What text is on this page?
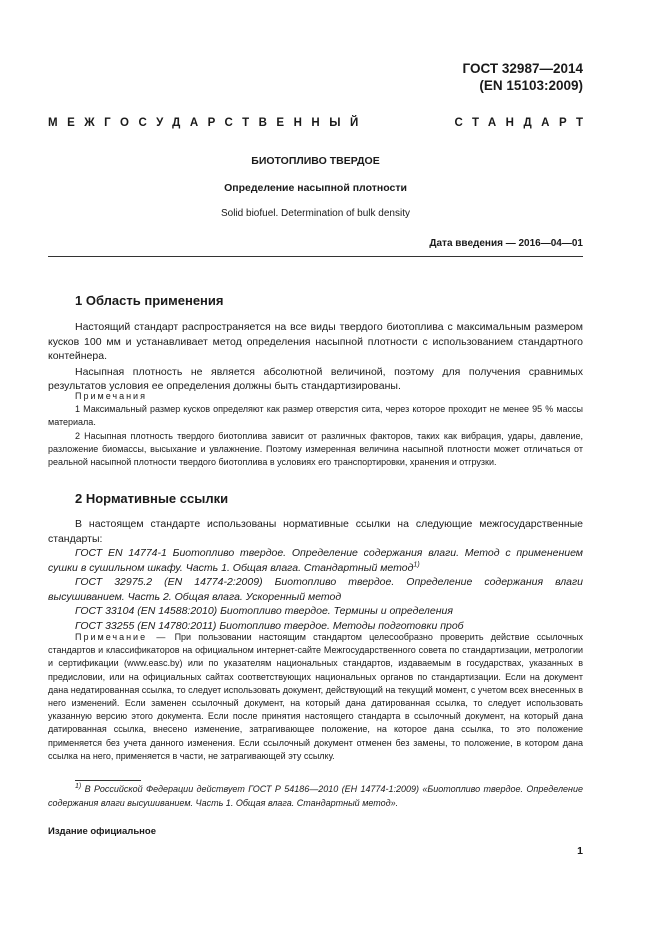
ГОСТ 32987—2014
(EN 15103:2009)
МЕЖГОСУДАРСТВЕННЫЙ	СТАНДАРТ
БИОТОПЛИВО ТВЕРДОЕ
Определение насыпной плотности
Solid biofuel. Determination of bulk density
Дата введения — 2016—04—01
1 Область применения

Настоящий стандарт распространяется на все виды твердого биотоплива с максимальным размером кусков 100 мм и устанавливает метод определения насыпной плотности с использованием стандартного контейнера.

Насыпная плотность не является абсолютной величиной, поэтому для получения сравнимых результатов условия ее определения должны быть стандартизированы.

Примечания

1 Максимальный размер кусков определяют как размер отверстия сита, через которое проходит не менее 95 % массы материала.

2 Насыпная плотность твердого биотоплива зависит от различных факторов, таких как вибрация, удары, давление, разложение биомассы, высыхание и увлажнение. Поэтому измеренная величина насыпной плотности может отличаться от реальной насыпной плотности твердого биотоплива в условиях его транспортировки, хранения и отгрузки.

2 Нормативные ссылки

В настоящем стандарте использованы нормативные ссылки на следующие межгосударственные стандарты:

ГОСТ EN 14774-1 Биотопливо твердое. Определение содержания влаги. Метод с применением сушки в сушильном шкафу. Часть 1. Общая влага. Стандартный метод$^{1)}$

ГОСТ 32975.2 (EN 14774-2:2009) Биотопливо твердое. Определение содержания влаги высушиванием. Часть 2. Общая влага. Ускоренный метод

ГОСТ 33104 (EN 14588:2010) Биотопливо твердое. Термины и определения

ГОСТ 33255 (EN 14780:2011) Биотопливо твердое. Методы подготовки проб

Примечание — При пользовании настоящим стандартом целесообразно проверить действие ссылочных стандартов и классификаторов на официальном интернет-сайте Межгосударственного совета по стандартизации, метрологии и сертификации (www.easc.by) или по указателям национальных стандартов, издаваемым в государствах, указанных в предисловии, или на официальных сайтах соответствующих национальных органов по стандартизации. Если на документ дана недатированная ссылка, то следует использовать документ, действующий на текущий момент, с учетом всех внесенных в него изменений. Если заменен ссылочный документ, на который дана датированная ссылка, то следует использовать указанную версию этого документа. Если после принятия настоящего стандарта в ссылочный документ, на который дана датированная ссылка, внесено изменение, затрагивающее положение, на которое дана ссылка, то это положение применяется без учета данного изменения. Если ссылочный документ отменен без замены, то положение, в котором дана ссылка на него, применяется в части, не затрагивающей эту ссылку.

$^{1)}$ В Российской Федерации действует ГОСТ Р 54186—2010 (ЕН 14774-1:2009) «Биотопливо твердое. Определение содержания влаги высушиванием. Часть 1. Общая влага. Стандартный метод».

Издание официальное
1
